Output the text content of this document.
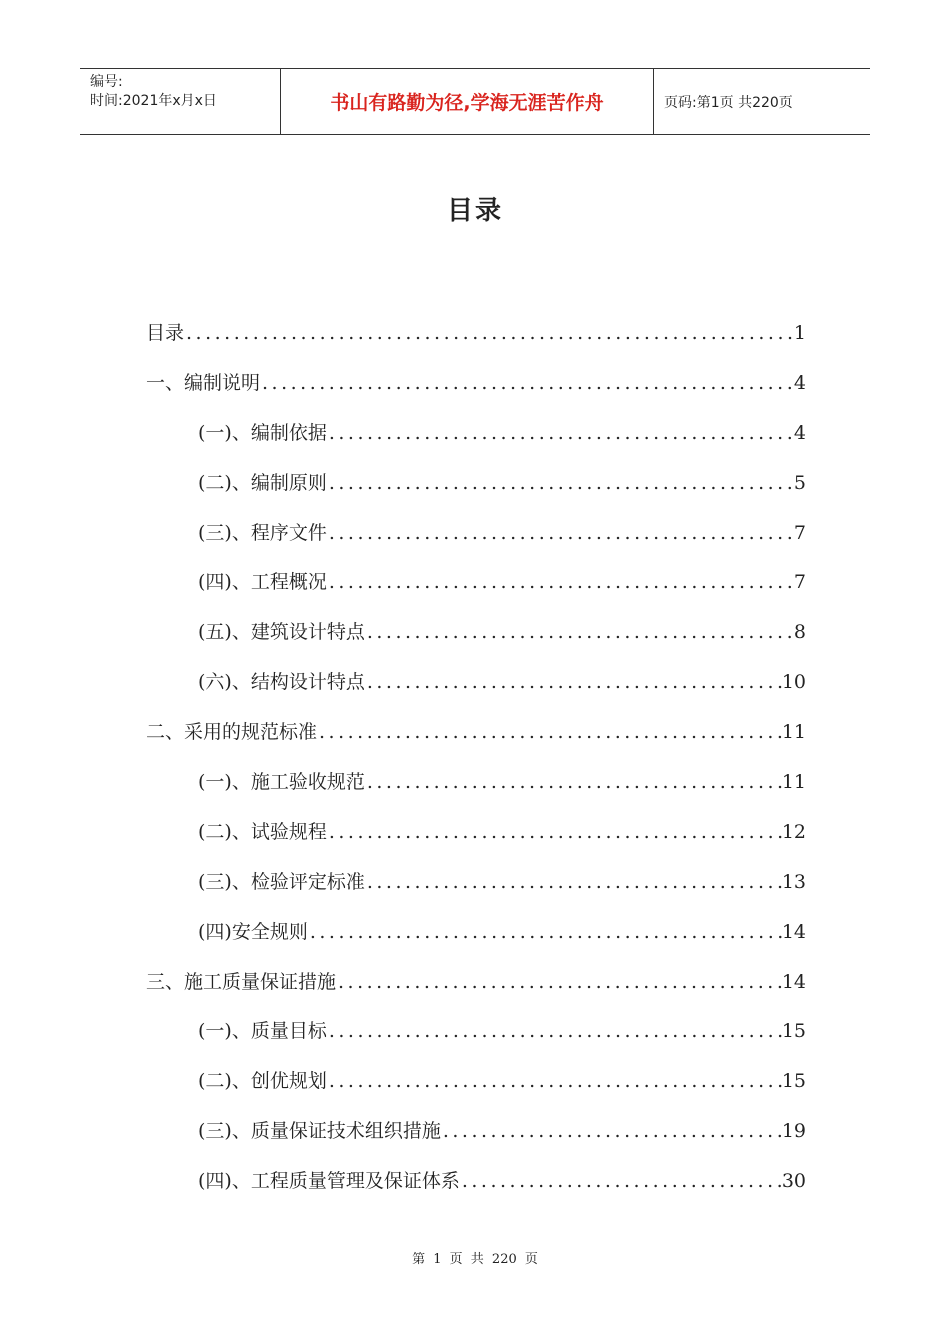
编号:
时间:2021年x月x日	书山有路勤为径,学海无涯苦作舟	页码:第1页 共220页
目录
目录 .....	1
一、编制说明 .....	4
(一)、编制依据 .....	4
(二)、编制原则 .....	5
(三)、程序文件 .....	7
(四)、工程概况 .....	7
(五)、建筑设计特点 .....	8
(六)、结构设计特点 .....	10
二、采用的规范标准 .....	11
(一)、施工验收规范 .....	11
(二)、试验规程 .....	12
(三)、检验评定标准 .....	13
(四)安全规则 .....	14
三、施工质量保证措施 .....	14
(一)、质量目标 .....	15
(二)、创优规划 .....	15
(三)、质量保证技术组织措施 .....	19
(四)、工程质量管理及保证体系 .....	30
第 1 页 共 220 页
